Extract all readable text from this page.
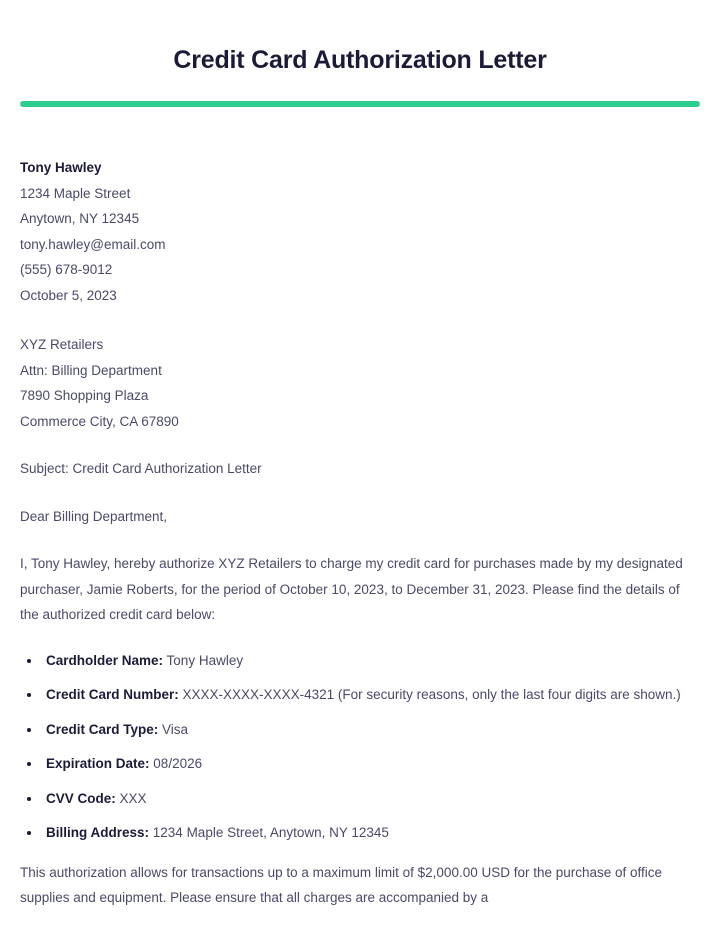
Credit Card Authorization Letter
Tony Hawley
1234 Maple Street
Anytown, NY 12345
tony.hawley@email.com
(555) 678-9012
October 5, 2023
XYZ Retailers
Attn: Billing Department
7890 Shopping Plaza
Commerce City, CA 67890
Subject: Credit Card Authorization Letter
Dear Billing Department,

I, Tony Hawley, hereby authorize XYZ Retailers to charge my credit card for purchases made by my designated purchaser, Jamie Roberts, for the period of October 10, 2023, to December 31, 2023. Please find the details of the authorized credit card below:

• Cardholder Name: Tony Hawley
• Credit Card Number: XXXX-XXXX-XXXX-4321 (For security reasons, only the last four digits are shown.)
• Credit Card Type: Visa
• Expiration Date: 08/2026
• CVV Code: XXX
• Billing Address: 1234 Maple Street, Anytown, NY 12345

This authorization allows for transactions up to a maximum limit of $2,000.00 USD for the purchase of office supplies and equipment. Please ensure that all charges are accompanied by a
